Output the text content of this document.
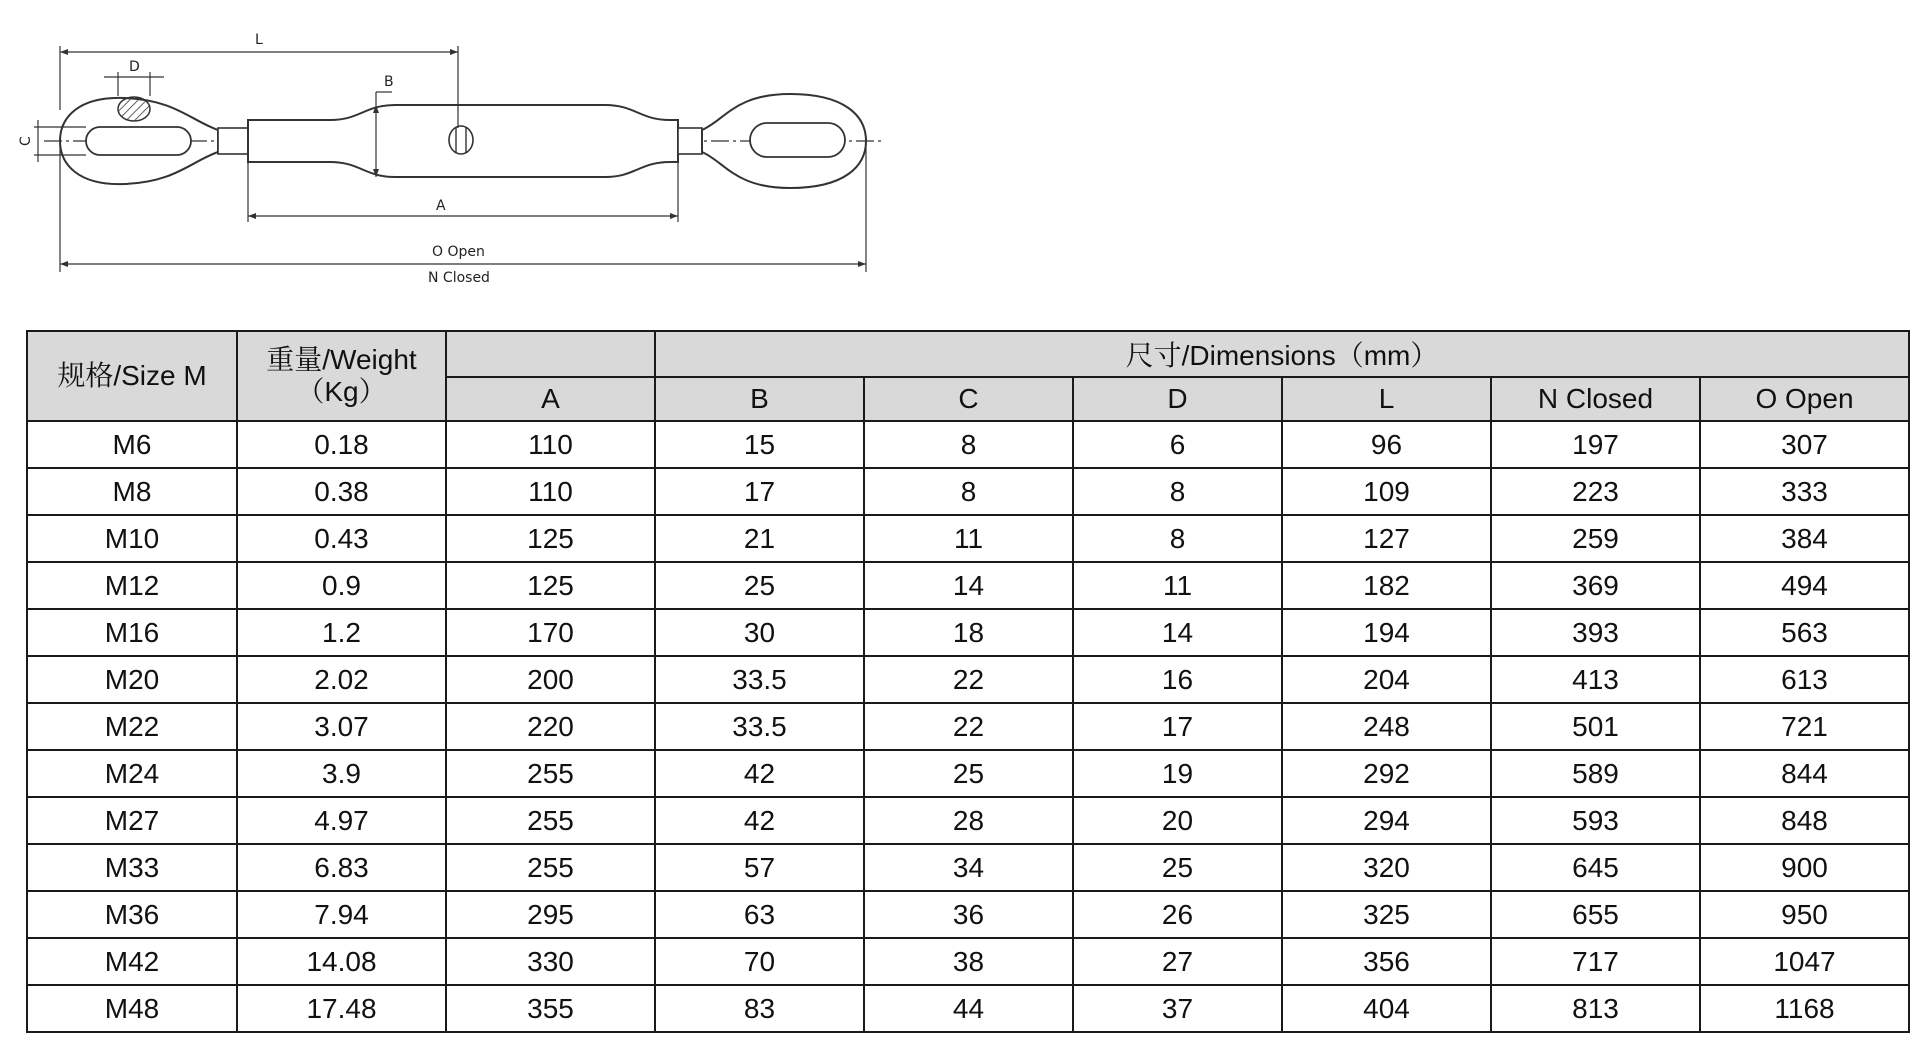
L
D
B
C
A
O Open
N Closed
规格/Size M	重量/Weight
（Kg）		尺寸/Dimensions（mm）					
		A	B	C	D	L	N Closed	O Open
M6	0.18	110	15	8	6	96	197	307
M8	0.38	110	17	8	8	109	223	333
M10	0.43	125	21	11	8	127	259	384
M12	0.9	125	25	14	11	182	369	494
M16	1.2	170	30	18	14	194	393	563
M20	2.02	200	33.5	22	16	204	413	613
M22	3.07	220	33.5	22	17	248	501	721
M24	3.9	255	42	25	19	292	589	844
M27	4.97	255	42	28	20	294	593	848
M33	6.83	255	57	34	25	320	645	900
M36	7.94	295	63	36	26	325	655	950
M42	14.08	330	70	38	27	356	717	1047
M48	17.48	355	83	44	37	404	813	1168
